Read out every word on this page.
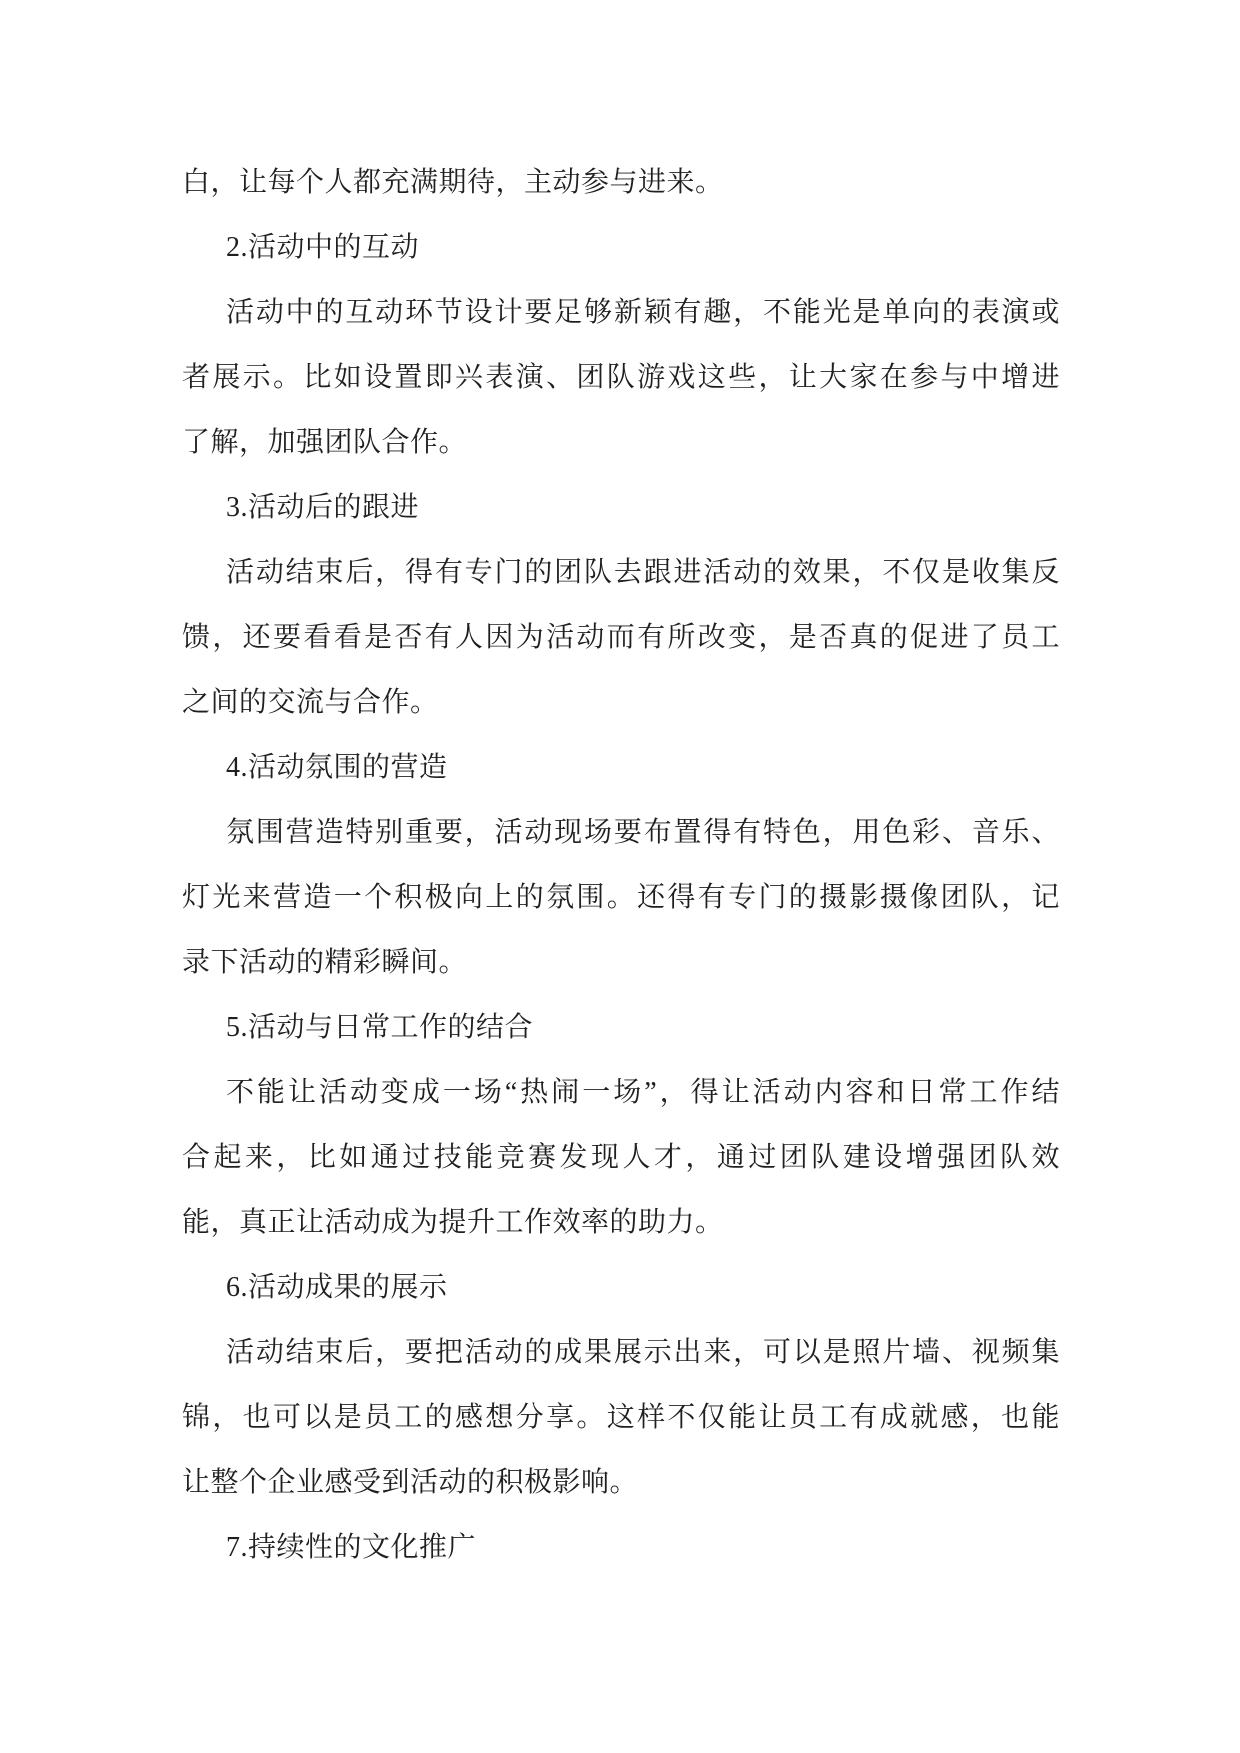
白，让每个人都充满期待，主动参与进来。
2.活动中的互动
活动中的互动环节设计要足够新颖有趣，不能光是单向的表演或
者展示。比如设置即兴表演、团队游戏这些，让大家在参与中增进
了解，加强团队合作。
3.活动后的跟进
活动结束后，得有专门的团队去跟进活动的效果，不仅是收集反
馈，还要看看是否有人因为活动而有所改变，是否真的促进了员工
之间的交流与合作。
4.活动氛围的营造
氛围营造特别重要，活动现场要布置得有特色，用色彩、音乐、
灯光来营造一个积极向上的氛围。还得有专门的摄影摄像团队，记
录下活动的精彩瞬间。
5.活动与日常工作的结合
不能让活动变成一场“热闹一场”，得让活动内容和日常工作结
合起来，比如通过技能竞赛发现人才，通过团队建设增强团队效
能，真正让活动成为提升工作效率的助力。
6.活动成果的展示
活动结束后，要把活动的成果展示出来，可以是照片墙、视频集
锦，也可以是员工的感想分享。这样不仅能让员工有成就感，也能
让整个企业感受到活动的积极影响。
7.持续性的文化推广
